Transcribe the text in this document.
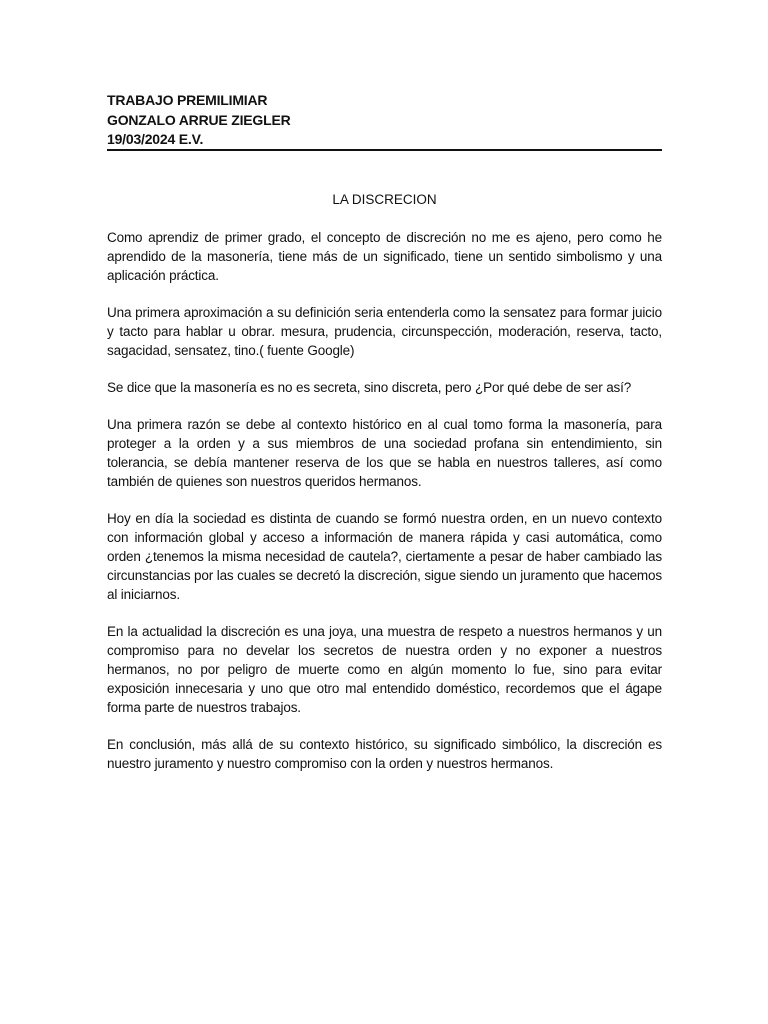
TRABAJO PREMILIMIAR
GONZALO ARRUE ZIEGLER
19/03/2024 E.V.
LA DISCRECION

Como aprendiz de primer grado, el concepto de discreción no me es ajeno, pero como he aprendido de la masonería, tiene más de un significado, tiene un sentido simbolismo y una aplicación práctica.

Una primera aproximación a su definición seria entenderla como la sensatez para formar juicio y tacto para hablar u obrar. mesura, prudencia, circunspección, moderación, reserva, tacto, sagacidad, sensatez, tino.( fuente Google)

Se dice que la masonería es no es secreta, sino discreta, pero ¿Por qué debe de ser así?

Una primera razón se debe al contexto histórico en al cual tomo forma la masonería, para proteger a la orden y a sus miembros de una sociedad profana sin entendimiento, sin tolerancia, se debía mantener reserva de los que se habla en nuestros talleres, así como también de quienes son nuestros queridos hermanos.

Hoy en día la sociedad es distinta de cuando se formó nuestra orden, en un nuevo contexto con información global y acceso a información de manera rápida y casi automática, como orden ¿tenemos la misma necesidad de cautela?, ciertamente a pesar de haber cambiado las circunstancias por las cuales se decretó la discreción, sigue siendo un juramento que hacemos al iniciarnos.

En la actualidad la discreción es una joya, una muestra de respeto a nuestros hermanos y un compromiso para no develar los secretos de nuestra orden y no exponer a nuestros hermanos, no por peligro de muerte como en algún momento lo fue, sino para evitar exposición innecesaria y uno que otro mal entendido doméstico, recordemos que el ágape forma parte de nuestros trabajos.

En conclusión, más allá de su contexto histórico, su significado simbólico, la discreción es nuestro juramento y nuestro compromiso con la orden y nuestros hermanos.
